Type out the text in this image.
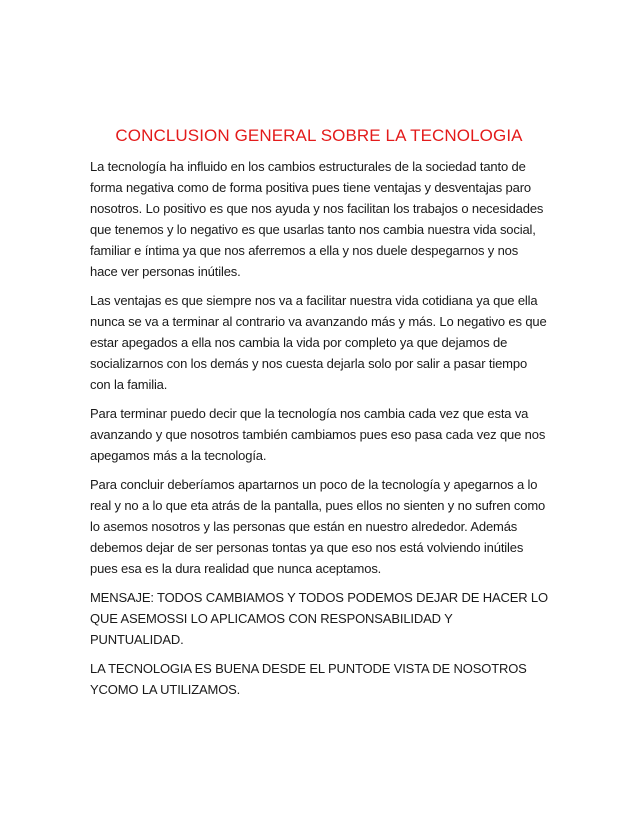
CONCLUSION GENERAL SOBRE LA TECNOLOGIA

La tecnología ha influido en los cambios estructurales de la sociedad tanto de forma negativa como de forma positiva pues tiene ventajas y desventajas paro nosotros. Lo positivo es que nos ayuda y nos facilitan los trabajos o necesidades que tenemos y lo negativo es que usarlas tanto nos cambia nuestra vida social, familiar e íntima ya que nos aferremos a ella y nos duele despegarnos y nos hace ver personas inútiles.

Las ventajas es que siempre nos va a facilitar nuestra vida cotidiana ya que ella nunca se va a terminar al contrario va avanzando más y más. Lo negativo es que estar apegados a ella nos cambia la vida por completo ya que dejamos de socializarnos con los demás y nos cuesta dejarla solo por salir a pasar tiempo con la familia.

Para terminar puedo decir que la tecnología nos cambia cada vez que esta va avanzando y que nosotros también cambiamos pues eso pasa cada vez que nos apegamos más a la tecnología.

Para concluir deberíamos apartarnos un poco de la tecnología y apegarnos a lo real y no a lo que eta atrás de la pantalla, pues ellos no sienten y no sufren como lo asemos nosotros y las personas que están en nuestro alrededor. Además debemos dejar de ser personas tontas ya que eso nos está volviendo inútiles pues esa es la dura realidad que nunca aceptamos.

MENSAJE: TODOS CAMBIAMOS Y TODOS PODEMOS DEJAR DE HACER LO QUE ASEMOSSI LO APLICAMOS CON RESPONSABILIDAD Y PUNTUALIDAD.

LA TECNOLOGIA ES BUENA DESDE EL PUNTODE VISTA DE NOSOTROS YCOMO LA UTILIZAMOS.
